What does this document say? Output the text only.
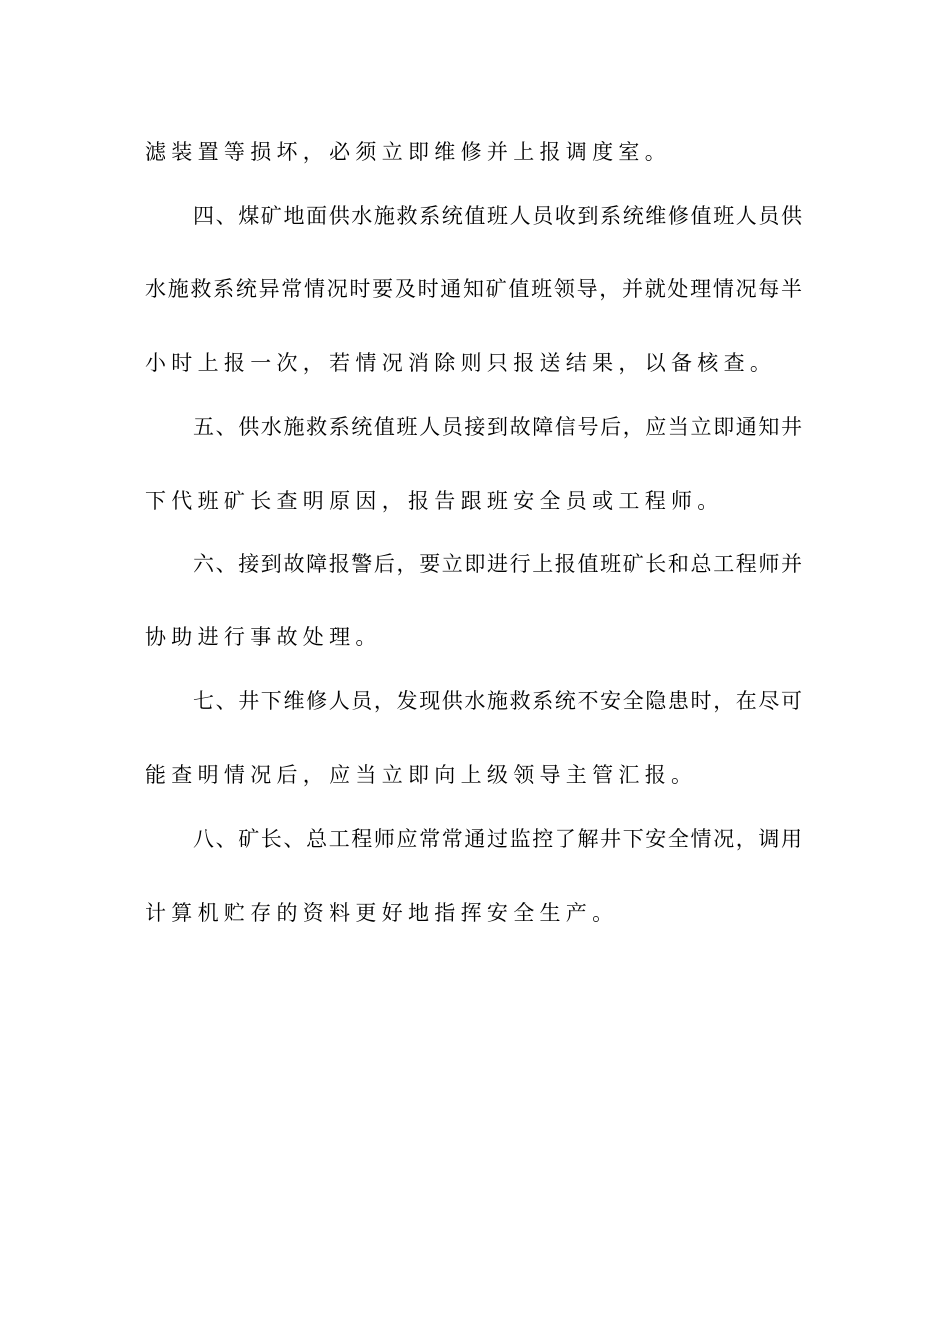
滤 装 置 等 损 坏 ， 必 须 立 即 维 修 并 上 报 调 度 室 。
四 、 煤 矿 地 面 供 水 施 救 系 统 值 班 人 员 收 到 系 统 维 修 值 班 人 员 供
水 施 救 系 统 异 常 情 况 时 要 及 时 通 知 矿 值 班 领 导 ， 并 就 处 理 情 况 每 半
小 时 上 报 一 次 ， 若 情 况 消 除 则 只 报 送 结 果 ， 以 备 核 查 。
五 、 供 水 施 救 系 统 值 班 人 员 接 到 故 障 信 号 后 ， 应 当 立 即 通 知 井
下 代 班 矿 长 查 明 原 因 ， 报 告 跟 班 安 全 员 或 工 程 师 。
六 、 接 到 故 障 报 警 后 ， 要 立 即 进 行 上 报 值 班 矿 长 和 总 工 程 师 并
协 助 进 行 事 故 处 理 。
七 、 井 下 维 修 人 员 ， 发 现 供 水 施 救 系 统 不 安 全 隐 患 时 ， 在 尽 可
能 查 明 情 况 后 ， 应 当 立 即 向 上 级 领 导 主 管 汇 报 。
八 、 矿 长 、 总 工 程 师 应 常 常 通 过 监 控 了 解 井 下 安 全 情 况 ， 调 用
计 算 机 贮 存 的 资 料 更 好 地 指 挥 安 全 生 产 。
